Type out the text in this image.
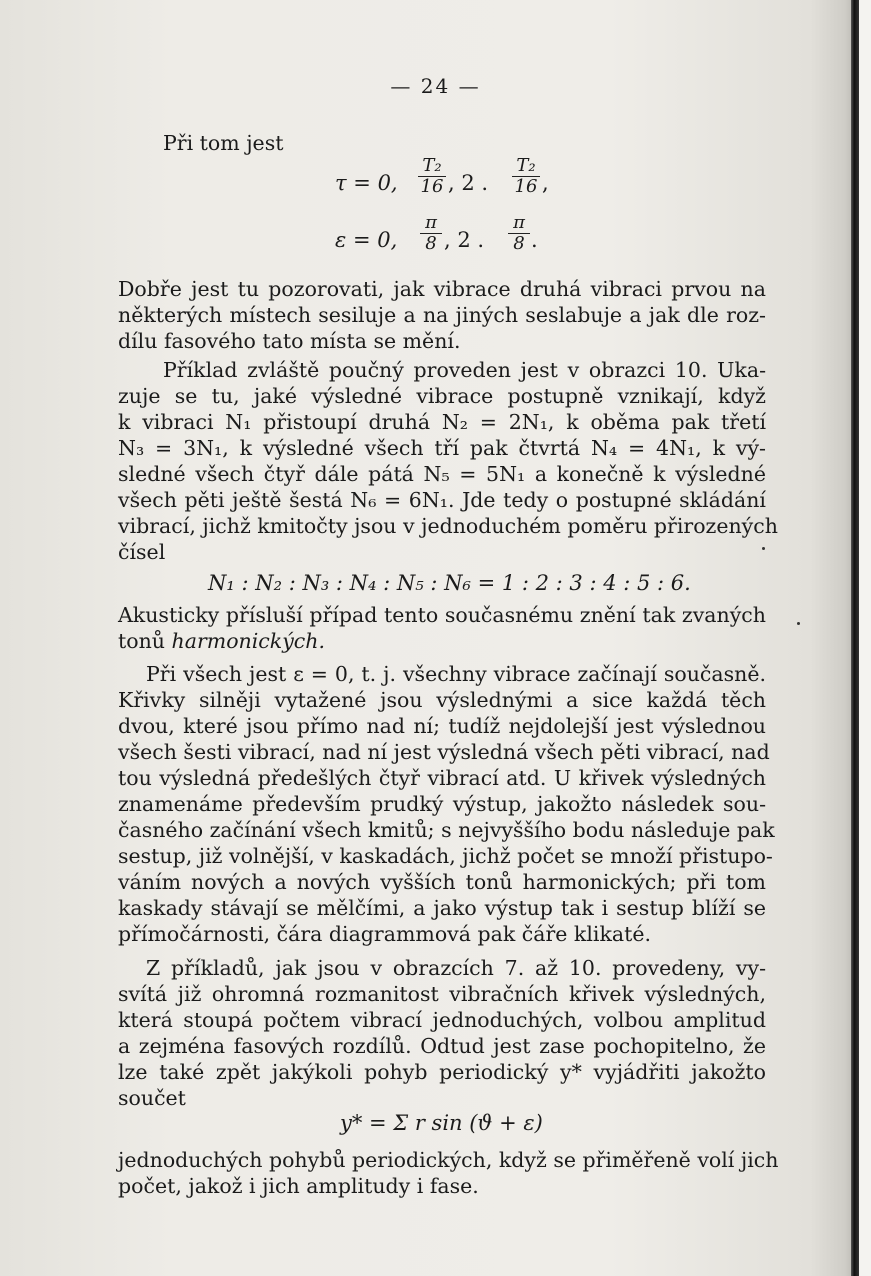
— 24 —
Při tom jest
τ = 0, $\frac{\text{T₂}}{16}$ , 2 . $\frac{\text{T₂}}{16}$ ,
ε = 0, $\frac{\pi}{8}$ , 2 . $\frac{\pi}{8}$ .
Dobře jest tu pozorovati, jak vibrace druhá vibraci prvou na
některých místech sesiluje a na jiných seslabuje a jak dle roz-
dílu fasového tato místa se mění.
Příklad zvláště poučný proveden jest v obrazci 10. Uka-
zuje se tu, jaké výsledné vibrace postupně vznikají, když
k vibraci N₁ přistoupí druhá N₂ = 2N₁, k oběma pak třetí
N₃ = 3N₁, k výsledné všech tří pak čtvrtá N₄ = 4N₁, k vý-
sledné všech čtyř dále pátá N₅ = 5N₁ a konečně k výsledné
všech pěti ještě šestá N₆ = 6N₁. Jde tedy o postupné skládání
vibrací, jichž kmitočty jsou v jednoduchém poměru přirozených
čísel
N₁ : N₂ : N₃ : N₄ : N₅ : N₆ = 1 : 2 : 3 : 4 : 5 : 6.
Akusticky přísluší případ tento současnému znění tak zvaných
tonů harmonických.
Při všech jest ε = 0, t. j. všechny vibrace začínají současně.
Křivky silněji vytažené jsou výslednými a sice každá těch
dvou, které jsou přímo nad ní; tudíž nejdolejší jest výslednou
všech šesti vibrací, nad ní jest výsledná všech pěti vibrací, nad
tou výsledná předešlých čtyř vibrací atd. U křivek výsledných
znamenáme především prudký výstup, jakožto následek sou-
časného začínání všech kmitů; s nejvyššího bodu následuje pak
sestup, již volnější, v kaskadách, jichž počet se množí přistupo-
váním nových a nových vyšších tonů harmonických; při tom
kaskady stávají se mělčími, a jako výstup tak i sestup blíží se
přímočárnosti, čára diagrammová pak čáře klikaté.
Z příkladů, jak jsou v obrazcích 7. až 10. provedeny, vy-
svítá již ohromná rozmanitost vibračních křivek výsledných,
která stoupá počtem vibrací jednoduchých, volbou amplitud
a zejména fasových rozdílů. Odtud jest zase pochopitelno, že
lze také zpět jakýkoli pohyb periodický y* vyjádřiti jakožto
součet
y* = Σ r sin (ϑ + ε)
jednoduchých pohybů periodických, když se přiměřeně volí jich
počet, jakož i jich amplitudy i fase.
